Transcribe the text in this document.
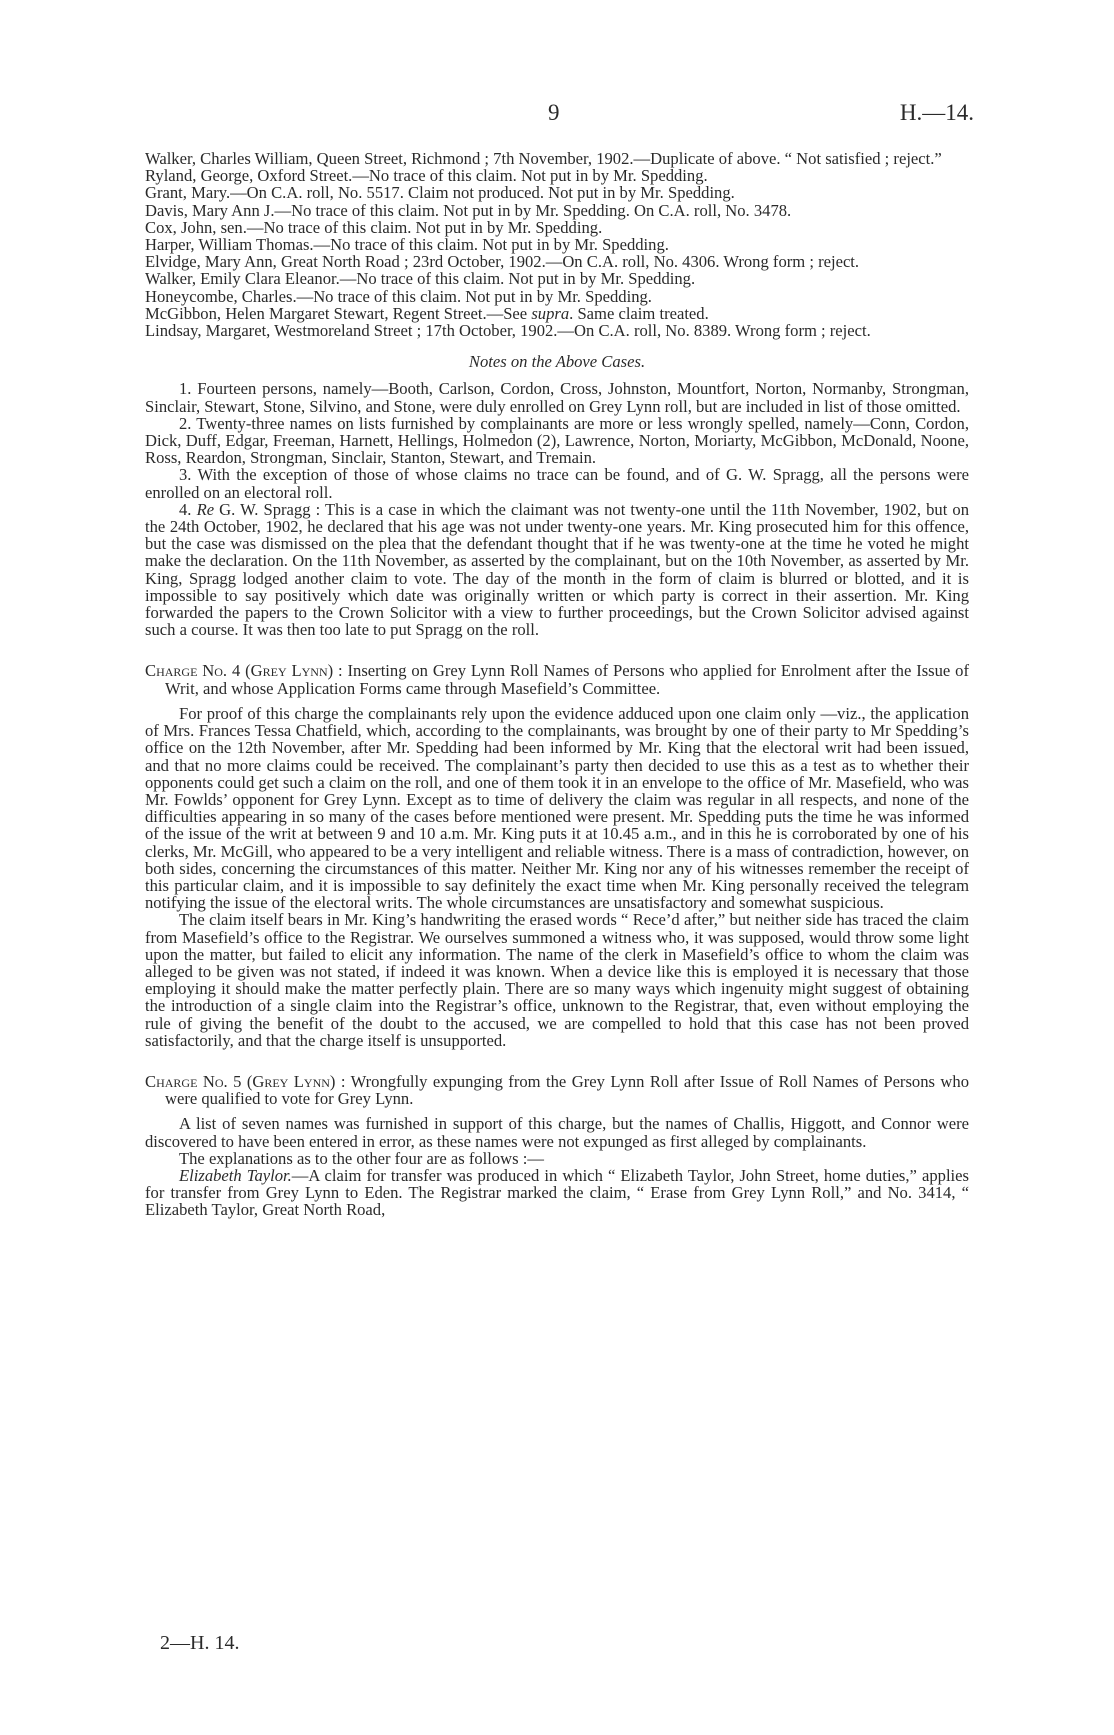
9	H.—14.
Walker, Charles William, Queen Street, Richmond ; 7th November, 1902.—Duplicate of above. “ Not satisfied ; reject.”
Ryland, George, Oxford Street.—No trace of this claim. Not put in by Mr. Spedding.
Grant, Mary.—On C.A. roll, No. 5517. Claim not produced. Not put in by Mr. Spedding.
Davis, Mary Ann J.—No trace of this claim. Not put in by Mr. Spedding. On C.A. roll, No. 3478.
Cox, John, sen.—No trace of this claim. Not put in by Mr. Spedding.
Harper, William Thomas.—No trace of this claim. Not put in by Mr. Spedding.
Elvidge, Mary Ann, Great North Road ; 23rd October, 1902.—On C.A. roll, No. 4306. Wrong form ; reject.
Walker, Emily Clara Eleanor.—No trace of this claim. Not put in by Mr. Spedding.
Honeycombe, Charles.—No trace of this claim. Not put in by Mr. Spedding.
McGibbon, Helen Margaret Stewart, Regent Street.—See supra. Same claim treated.
Lindsay, Margaret, Westmoreland Street ; 17th October, 1902.—On C.A. roll, No. 8389. Wrong form ; reject.
Notes on the Above Cases.
1. Fourteen persons, namely—Booth, Carlson, Cordon, Cross, Johnston, Mountfort, Norton, Normanby, Strongman, Sinclair, Stewart, Stone, Silvino, and Stone, were duly enrolled on Grey Lynn roll, but are included in list of those omitted.
2. Twenty-three names on lists furnished by complainants are more or less wrongly spelled, namely—Conn, Cordon, Dick, Duff, Edgar, Freeman, Harnett, Hellings, Holmedon (2), Lawrence, Norton, Moriarty, McGibbon, McDonald, Noone, Ross, Reardon, Strongman, Sinclair, Stanton, Stewart, and Tremain.
3. With the exception of those of whose claims no trace can be found, and of G. W. Spragg, all the persons were enrolled on an electoral roll.
4. Re G. W. Spragg : This is a case in which the claimant was not twenty-one until the 11th November, 1902, but on the 24th October, 1902, he declared that his age was not under twenty-one years. Mr. King prosecuted him for this offence, but the case was dismissed on the plea that the defendant thought that if he was twenty-one at the time he voted he might make the declaration. On the 11th November, as asserted by the complainant, but on the 10th November, as asserted by Mr. King, Spragg lodged another claim to vote. The day of the month in the form of claim is blurred or blotted, and it is impossible to say positively which date was originally written or which party is correct in their assertion. Mr. King forwarded the papers to the Crown Solicitor with a view to further proceedings, but the Crown Solicitor advised against such a course. It was then too late to put Spragg on the roll.
Charge No. 4 (Grey Lynn) : Inserting on Grey Lynn Roll Names of Persons who applied for Enrolment after the Issue of Writ, and whose Application Forms came through Masefield’s Committee.
For proof of this charge the complainants rely upon the evidence adduced upon one claim only —viz., the application of Mrs. Frances Tessa Chatfield, which, according to the complainants, was brought by one of their party to Mr Spedding’s office on the 12th November, after Mr. Spedding had been informed by Mr. King that the electoral writ had been issued, and that no more claims could be received. The complainant’s party then decided to use this as a test as to whether their opponents could get such a claim on the roll, and one of them took it in an envelope to the office of Mr. Masefield, who was Mr. Fowlds’ opponent for Grey Lynn. Except as to time of delivery the claim was regular in all respects, and none of the difficulties appearing in so many of the cases before mentioned were present. Mr. Spedding puts the time he was informed of the issue of the writ at between 9 and 10 a.m. Mr. King puts it at 10.45 a.m., and in this he is corroborated by one of his clerks, Mr. McGill, who appeared to be a very intelligent and reliable witness. There is a mass of contradiction, however, on both sides, concerning the circumstances of this matter. Neither Mr. King nor any of his witnesses remember the receipt of this particular claim, and it is impossible to say definitely the exact time when Mr. King personally received the telegram notifying the issue of the electoral writs. The whole circumstances are unsatisfactory and somewhat suspicious.
The claim itself bears in Mr. King’s handwriting the erased words “ Rece’d after,” but neither side has traced the claim from Masefield’s office to the Registrar. We ourselves summoned a witness who, it was supposed, would throw some light upon the matter, but failed to elicit any information. The name of the clerk in Masefield’s office to whom the claim was alleged to be given was not stated, if indeed it was known. When a device like this is employed it is necessary that those employing it should make the matter perfectly plain. There are so many ways which ingenuity might suggest of obtaining the introduction of a single claim into the Registrar’s office, unknown to the Registrar, that, even without employing the rule of giving the benefit of the doubt to the accused, we are compelled to hold that this case has not been proved satisfactorily, and that the charge itself is unsupported.
Charge No. 5 (Grey Lynn) : Wrongfully expunging from the Grey Lynn Roll after Issue of Roll Names of Persons who were qualified to vote for Grey Lynn.
A list of seven names was furnished in support of this charge, but the names of Challis, Higgott, and Connor were discovered to have been entered in error, as these names were not expunged as first alleged by complainants.
The explanations as to the other four are as follows :—
Elizabeth Taylor.—A claim for transfer was produced in which “ Elizabeth Taylor, John Street, home duties,” applies for transfer from Grey Lynn to Eden. The Registrar marked the claim, “ Erase from Grey Lynn Roll,” and No. 3414, “ Elizabeth Taylor, Great North Road,
2—H. 14.
